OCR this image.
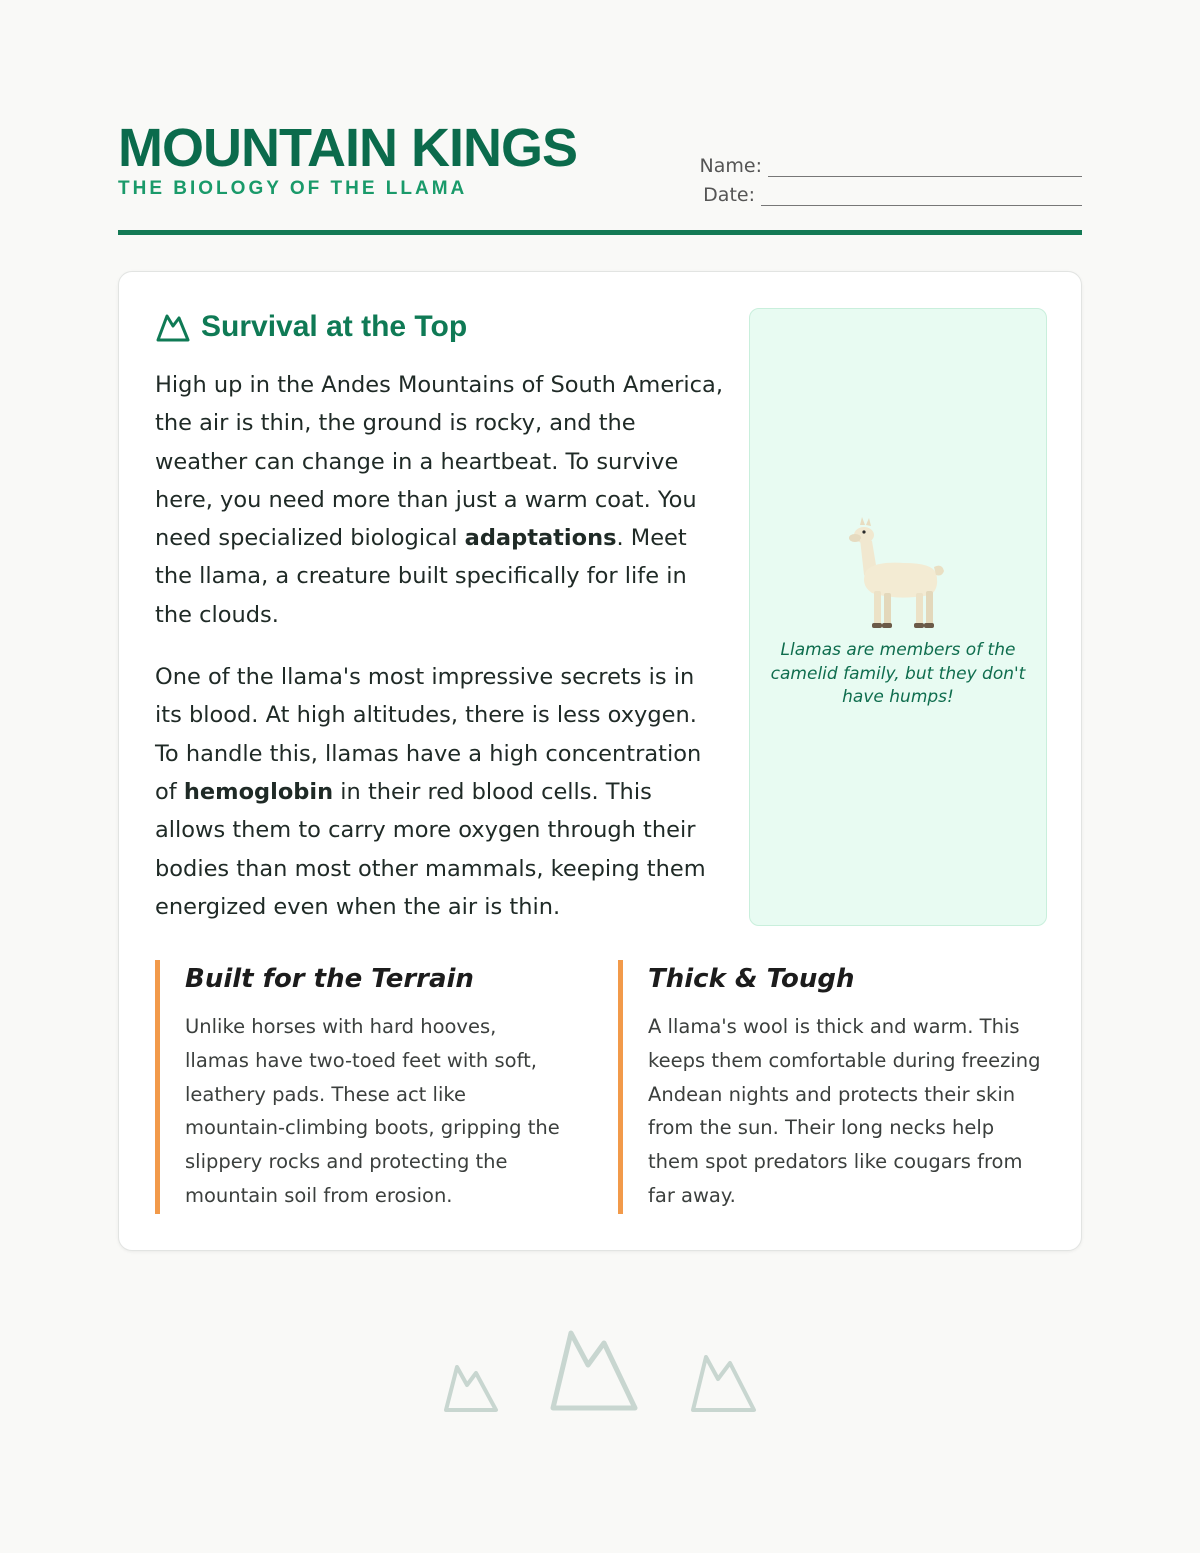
MOUNTAIN KINGS
THE BIOLOGY OF THE LLAMA
Name:
Date:
Survival at the Top

High up in the Andes Mountains of South America, the air is thin, the ground is rocky, and the weather can change in a heartbeat. To survive here, you need more than just a warm coat. You need specialized biological adaptations. Meet the llama, a creature built specifically for life in the clouds.

One of the llama's most impressive secrets is in its blood. At high altitudes, there is less oxygen. To handle this, llamas have a high concentration of hemoglobin in their red blood cells. This allows them to carry more oxygen through their bodies than most other mammals, keeping them energized even when the air is thin.

Llamas are members of the camelid family, but they don't have humps!
Built for the Terrain

Unlike horses with hard hooves, llamas have two-toed feet with soft, leathery pads. These act like mountain-climbing boots, gripping the slippery rocks and protecting the mountain soil from erosion.

Thick & Tough

A llama's wool is thick and warm. This keeps them comfortable during freezing Andean nights and protects their skin from the sun. Their long necks help them spot predators like cougars from far away.
